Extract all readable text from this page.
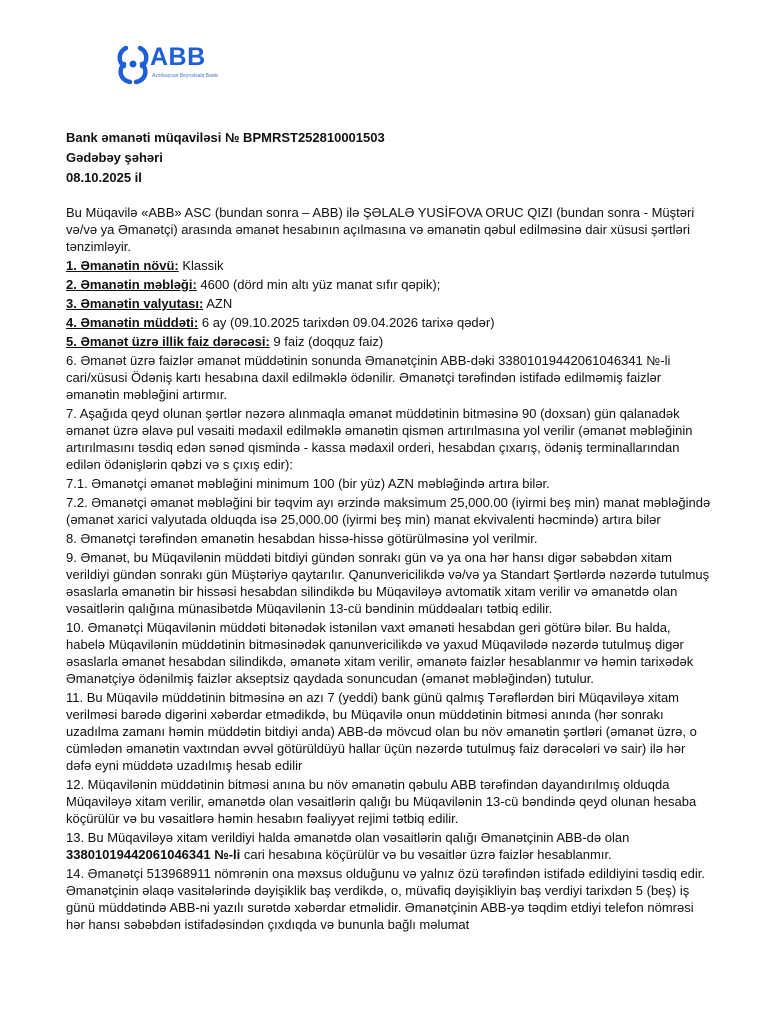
ABB
Azərbaycan Beynəlxalq Bankı
Bank əmanəti müqaviləsi № BPMRST252810001503
Gədəbəy şəhəri
08.10.2025 il
Bu Müqavilə «ABB» ASC (bundan sonra – ABB) ilə ŞƏLALƏ YUSİFOVA ORUC QIZI (bundan sonra - Müştəri və/və ya Əmanətçi) arasında əmanət hesabının açılmasına və əmanətin qəbul edilməsinə dair xüsusi şərtləri tənzimləyir.
1. Əmanətin növü: Klassik
2. Əmanətin məbləği: 4600 (dörd min altı yüz manat sıfır qəpik);
3. Əmanətin valyutası: AZN
4. Əmanətin müddəti: 6 ay (09.10.2025 tarixdən 09.04.2026 tarixə qədər)
5. Əmanət üzrə illik faiz dərəcəsi: 9 faiz (doqquz faiz)
6. Əmanət üzrə faizlər əmanət müddətinin sonunda Əmanətçinin ABB-dəki 33801019442061046341 №-li cari/xüsusi Ödəniş kartı hesabına daxil edilməklə ödənilir. Əmanətçi tərəfindən istifadə edilməmiş faizlər əmanətin məbləğini artırmır.
7. Aşağıda qeyd olunan şərtlər nəzərə alınmaqla əmanət müddətinin bitməsinə 90 (doxsan) gün qalanadək əmanət üzrə əlavə pul vəsaiti mədaxil edilməklə əmanətin qismən artırılmasına yol verilir (əmanət məbləğinin artırılmasını təsdiq edən sənəd qismində - kassa mədaxil orderi, hesabdan çıxarış, ödəniş terminallarından edilən ödənişlərin qəbzi və s çıxış edir):
7.1. Əmanətçi əmanət məbləğini minimum 100 (bir yüz) AZN məbləğində artıra bilər.
7.2. Əmanətçi əmanət məbləğini bir təqvim ayı ərzində maksimum 25,000.00 (iyirmi beş min) manat məbləğində (əmanət xarici valyutada olduqda isə 25,000.00 (iyirmi beş min) manat ekvivalenti həcmində) artıra bilər
8. Əmanətçi tərəfindən əmanətin hesabdan hissə-hissə götürülməsinə yol verilmir.
9. Əmanət, bu Müqavilənin müddəti bitdiyi gündən sonrakı gün və ya ona hər hansı digər səbəbdən xitam verildiyi gündən sonrakı gün Müştəriyə qaytarılır. Qanunvericilikdə və/və ya Standart Şərtlərdə nəzərdə tutulmuş əsaslarla əmanətin bir hissəsi hesabdan silindikdə bu Müqaviləyə avtomatik xitam verilir və əmanətdə olan vəsaitlərin qalığına münasibətdə Müqavilənin 13-cü bəndinin müddəaları tətbiq edilir.
10. Əmanətçi Müqavilənin müddəti bitənədək istənilən vaxt əmanəti hesabdan geri götürə bilər. Bu halda, habelə Müqavilənin müddətinin bitməsinədək qanunvericilikdə və yaxud Müqavilədə nəzərdə tutulmuş digər əsaslarla əmanət hesabdan silindikdə, əmanətə xitam verilir, əmanətə faizlər hesablanmır və həmin tarixədək Əmanətçiyə ödənilmiş faizlər akseptsiz qaydada sonuncudan (əmanət məbləğindən) tutulur.
11. Bu Müqavilə müddətinin bitməsinə ən azı 7 (yeddi) bank günü qalmış Tərəflərdən biri Müqaviləyə xitam verilməsi barədə digərini xəbərdar etmədikdə, bu Müqavilə onun müddətinin bitməsi anında (hər sonrakı uzadılma zamanı həmin müddətin bitdiyi anda) ABB-də mövcud olan bu növ əmanətin şərtləri (əmanət üzrə, o cümlədən əmanətin vaxtından əvvəl götürüldüyü hallar üçün nəzərdə tutulmuş faiz dərəcələri və sair) ilə hər dəfə eyni müddətə uzadılmış hesab edilir
12. Müqavilənin müddətinin bitməsi anına bu növ əmanətin qəbulu ABB tərəfindən dayandırılmış olduqda Müqaviləyə xitam verilir, əmanətdə olan vəsaitlərin qalığı bu Müqavilənin 13-cü bəndində qeyd olunan hesaba köçürülür və bu vəsaitlərə həmin hesabın fəaliyyət rejimi tətbiq edilir.
13. Bu Müqaviləyə xitam verildiyi halda əmanətdə olan vəsaitlərin qalığı Əmanətçinin ABB-də olan 33801019442061046341 №-li cari hesabına köçürülür və bu vəsaitlər üzrə faizlər hesablanmır.
14. Əmanətçi 513968911 nömrənin ona məxsus olduğunu və yalnız özü tərəfindən istifadə edildiyini təsdiq edir. Əmanətçinin əlaqə vasitələrində dəyişiklik baş verdikdə, o, müvafiq dəyişikliyin baş verdiyi tarixdən 5 (beş) iş günü müddətində ABB-ni yazılı surətdə xəbərdar etməlidir. Əmanətçinin ABB-yə təqdim etdiyi telefon nömrəsi hər hansı səbəbdən istifadəsindən çıxdıqda və bununla bağlı məlumat
